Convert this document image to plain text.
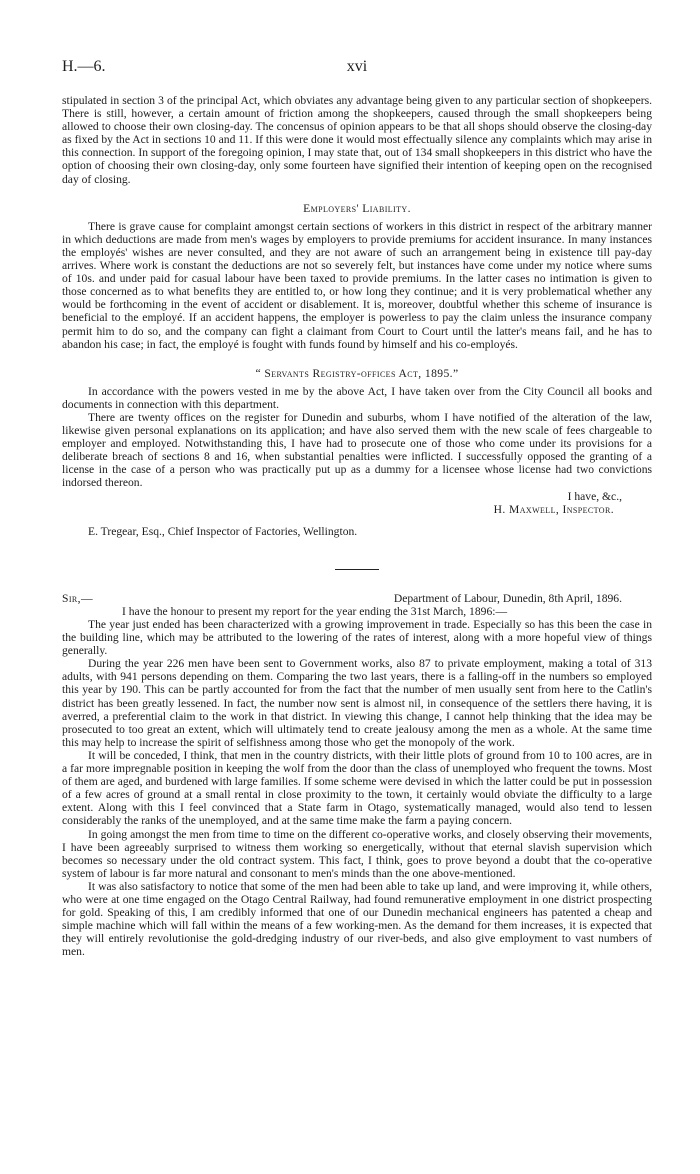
H.—6.	xvi

stipulated in section 3 of the principal Act, which obviates any advantage being given to any particular section of shopkeepers. There is still, however, a certain amount of friction among the shopkeepers, caused through the small shopkeepers being allowed to choose their own closing-day. The concensus of opinion appears to be that all shops should observe the closing-day as fixed by the Act in sections 10 and 11. If this were done it would most effectually silence any complaints which may arise in this connection. In support of the foregoing opinion, I may state that, out of 134 small shopkeepers in this district who have the option of choosing their own closing-day, only some fourteen have signified their intention of keeping open on the recognised day of closing.

Employers' Liability.

There is grave cause for complaint amongst certain sections of workers in this district in respect of the arbitrary manner in which deductions are made from men's wages by employers to provide premiums for accident insurance. In many instances the employés' wishes are never consulted, and they are not aware of such an arrangement being in existence till pay-day arrives. Where work is constant the deductions are not so severely felt, but instances have come under my notice where sums of 10s. and under paid for casual labour have been taxed to provide premiums. In the latter cases no intimation is given to those concerned as to what benefits they are entitled to, or how long they continue; and it is very problematical whether any would be forthcoming in the event of accident or disablement. It is, moreover, doubtful whether this scheme of insurance is beneficial to the employé. If an accident happens, the employer is powerless to pay the claim unless the insurance company permit him to do so, and the company can fight a claimant from Court to Court until the latter's means fail, and he has to abandon his case; in fact, the employé is fought with funds found by himself and his co-employés.

“ Servants Registry-offices Act, 1895.”

In accordance with the powers vested in me by the above Act, I have taken over from the City Council all books and documents in connection with this department.

There are twenty offices on the register for Dunedin and suburbs, whom I have notified of the alteration of the law, likewise given personal explanations on its application; and have also served them with the new scale of fees chargeable to employer and employed. Notwithstanding this, I have had to prosecute one of those who come under its provisions for a deliberate breach of sections 8 and 16, when substantial penalties were inflicted. I successfully opposed the granting of a license in the case of a person who was practically put up as a dummy for a licensee whose license had two convictions indorsed thereon.

I have, &c.,
H. Maxwell, Inspector.
E. Tregear, Esq., Chief Inspector of Factories, Wellington.
Sir,—	Department of Labour, Dunedin, 8th April, 1896.

I have the honour to present my report for the year ending the 31st March, 1896:—

The year just ended has been characterized with a growing improvement in trade. Especially so has this been the case in the building line, which may be attributed to the lowering of the rates of interest, along with a more hopeful view of things generally.

During the year 226 men have been sent to Government works, also 87 to private employment, making a total of 313 adults, with 941 persons depending on them. Comparing the two last years, there is a falling-off in the numbers so employed this year by 190. This can be partly accounted for from the fact that the number of men usually sent from here to the Catlin's district has been greatly lessened. In fact, the number now sent is almost nil, in consequence of the settlers there having, it is averred, a preferential claim to the work in that district. In viewing this change, I cannot help thinking that the idea may be prosecuted to too great an extent, which will ultimately tend to create jealousy among the men as a whole. At the same time this may help to increase the spirit of selfishness among those who get the monopoly of the work.

It will be conceded, I think, that men in the country districts, with their little plots of ground from 10 to 100 acres, are in a far more impregnable position in keeping the wolf from the door than the class of unemployed who frequent the towns. Most of them are aged, and burdened with large families. If some scheme were devised in which the latter could be put in possession of a few acres of ground at a small rental in close proximity to the town, it certainly would obviate the difficulty to a large extent. Along with this I feel convinced that a State farm in Otago, systematically managed, would also tend to lessen considerably the ranks of the unemployed, and at the same time make the farm a paying concern.

In going amongst the men from time to time on the different co-operative works, and closely observing their movements, I have been agreeably surprised to witness them working so energetically, without that eternal slavish supervision which becomes so necessary under the old contract system. This fact, I think, goes to prove beyond a doubt that the co-operative system of labour is far more natural and consonant to men's minds than the one above-mentioned.

It was also satisfactory to notice that some of the men had been able to take up land, and were improving it, while others, who were at one time engaged on the Otago Central Railway, had found remunerative employment in one district prospecting for gold. Speaking of this, I am credibly informed that one of our Dunedin mechanical engineers has patented a cheap and simple machine which will fall within the means of a few working-men. As the demand for them increases, it is expected that they will entirely revolutionise the gold-dredging industry of our river-beds, and also give employment to vast numbers of men.
